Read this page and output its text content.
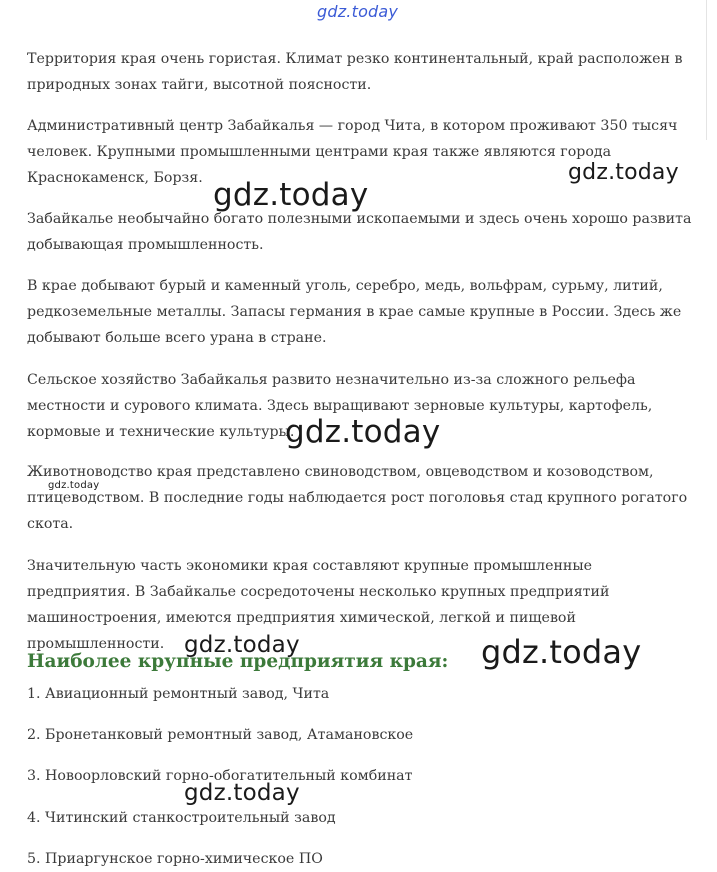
Территория края очень гористая. Климат резко континентальный, край расположен в природных зонах тайги, высотной поясности.

Административный центр Забайкалья — город Чита, в котором проживают 350 тысяч человек. Крупными промышленными центрами края также являются города Краснокаменск, Борзя.

Забайкалье необычайно богато полезными ископаемыми и здесь очень хорошо развита добывающая промышленность.

В крае добывают бурый и каменный уголь, серебро, медь, вольфрам, сурьму, литий, редкоземельные металлы. Запасы германия в крае самые крупные в России. Здесь же добывают больше всего урана в стране.

Сельское хозяйство Забайкалья развито незначительно из-за сложного рельефа местности и сурового климата. Здесь выращивают зерновые культуры, картофель, кормовые и технические культуры.

Животноводство края представлено свиноводством, овцеводством и козоводством, птицеводством. В последние годы наблюдается рост поголовья стад крупного рогатого скота.

Значительную часть экономики края составляют крупные промышленные предприятия. В Забайкалье сосредоточены несколько крупных предприятий машиностроения, имеются предприятия химической, легкой и пищевой промышленности.

Наиболее крупные предприятия края:

1. Авиационный ремонтный завод, Чита

2. Бронетанковый ремонтный завод, Атамановское

3. Новоорловский горно-обогатительный комбинат

4. Читинский станкостроительный завод

5. Приаргунское горно-химическое ПО

gdz.today
gdz.today
gdz.today
gdz.today
gdz.today
gdz.today	gdz.today
gdz.today
